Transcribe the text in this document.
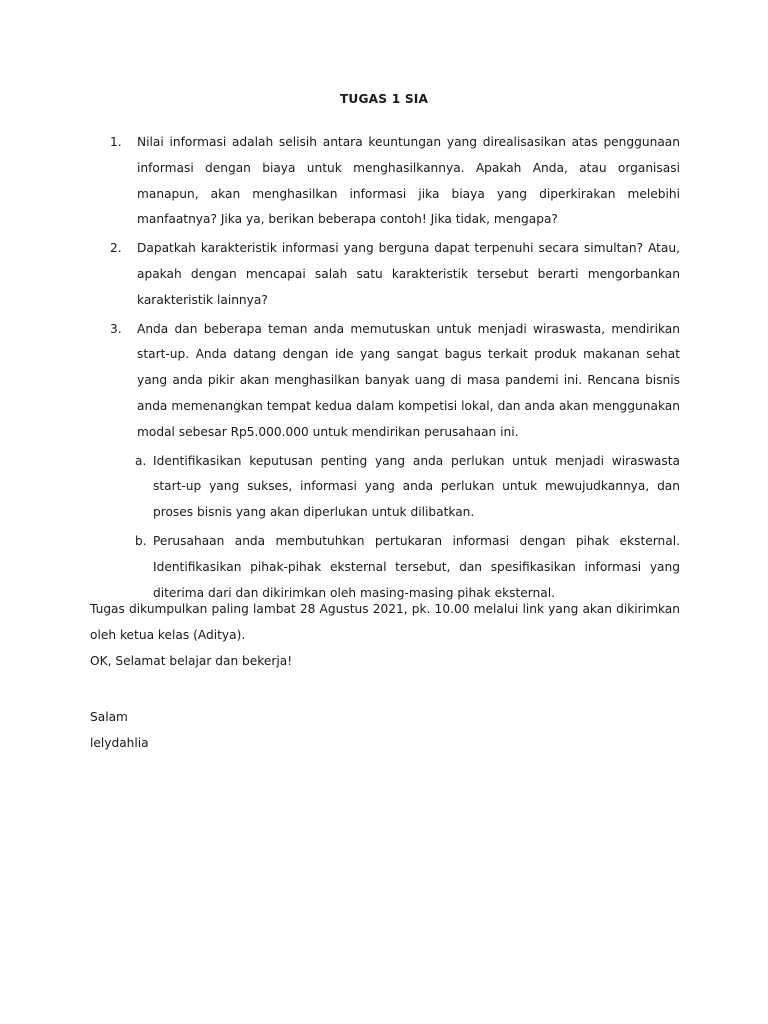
TUGAS 1 SIA
1. Nilai informasi adalah selisih antara keuntungan yang direalisasikan atas penggunaan informasi dengan biaya untuk menghasilkannya. Apakah Anda, atau organisasi manapun, akan menghasilkan informasi jika biaya yang diperkirakan melebihi manfaatnya? Jika ya, berikan beberapa contoh! Jika tidak, mengapa?
2. Dapatkah karakteristik informasi yang berguna dapat terpenuhi secara simultan? Atau, apakah dengan mencapai salah satu karakteristik tersebut berarti mengorbankan karakteristik lainnya?
3. Anda dan beberapa teman anda memutuskan untuk menjadi wiraswasta, mendirikan start-up. Anda datang dengan ide yang sangat bagus terkait produk makanan sehat yang anda pikir akan menghasilkan banyak uang di masa pandemi ini. Rencana bisnis anda memenangkan tempat kedua dalam kompetisi lokal, dan anda akan menggunakan modal sebesar Rp5.000.000 untuk mendirikan perusahaan ini.
a. Identifikasikan keputusan penting yang anda perlukan untuk menjadi wiraswasta start-up yang sukses, informasi yang anda perlukan untuk mewujudkannya, dan proses bisnis yang akan diperlukan untuk dilibatkan.
b. Perusahaan anda membutuhkan pertukaran informasi dengan pihak eksternal. Identifikasikan pihak-pihak eksternal tersebut, dan spesifikasikan informasi yang diterima dari dan dikirimkan oleh masing-masing pihak eksternal.

Tugas dikumpulkan paling lambat 28 Agustus 2021, pk. 10.00 melalui link yang akan dikirimkan oleh ketua kelas (Aditya).

OK, Selamat belajar dan bekerja!

Salam

lelydahlia
